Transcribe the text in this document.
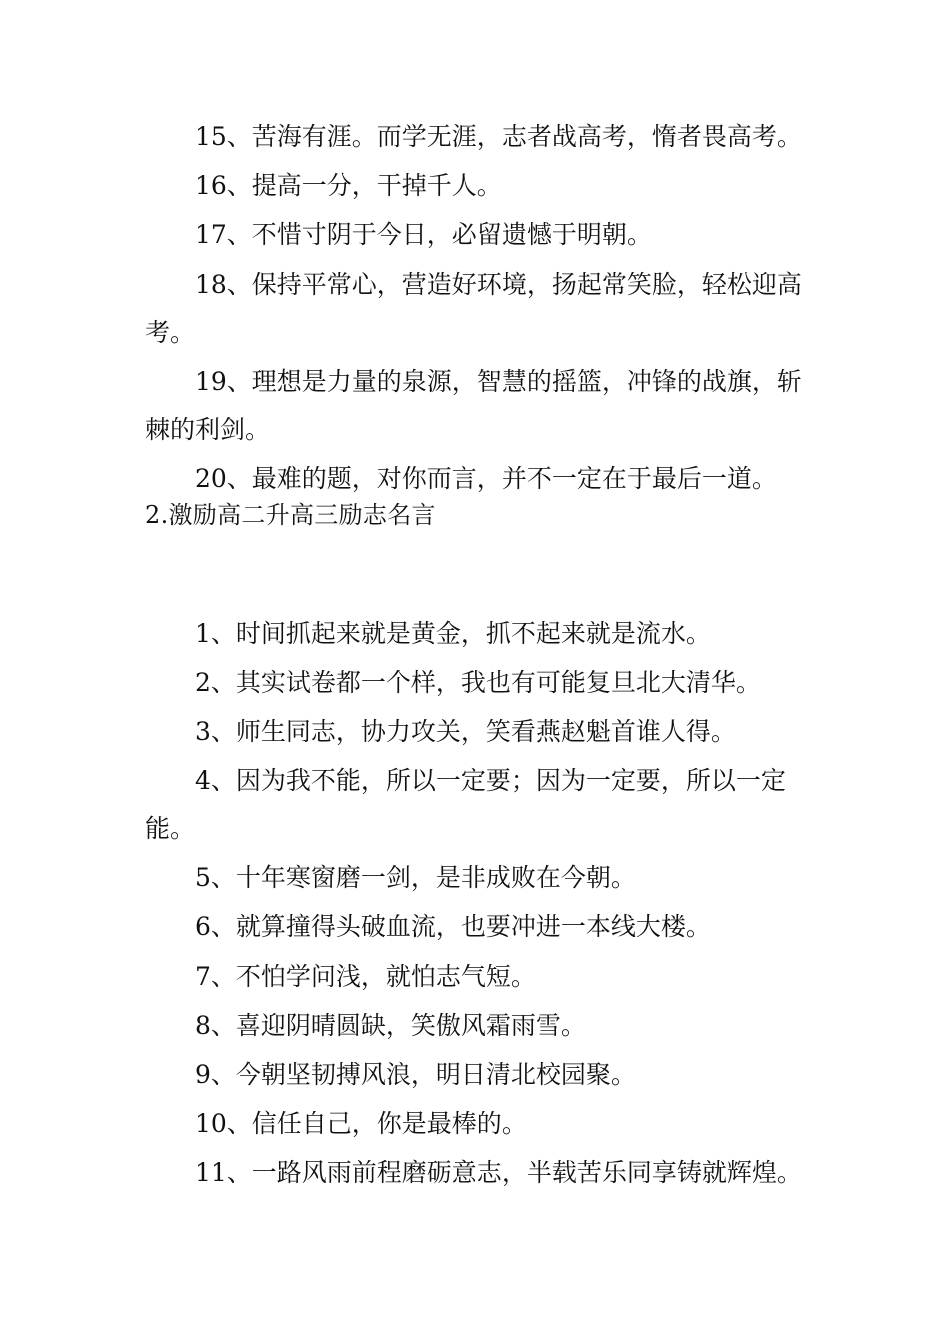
15、苦海有涯。而学无涯，志者战高考，惰者畏高考。

16、提高一分，干掉千人。

17、不惜寸阴于今日，必留遗憾于明朝。

18、保持平常心，营造好环境，扬起常笑脸，轻松迎高考。

19、理想是力量的泉源，智慧的摇篮，冲锋的战旗，斩棘的利剑。

20、最难的题，对你而言，并不一定在于最后一道。

2.激励高二升高三励志名言

1、时间抓起来就是黄金，抓不起来就是流水。

2、其实试卷都一个样，我也有可能复旦北大清华。

3、师生同志，协力攻关，笑看燕赵魁首谁人得。

4、因为我不能，所以一定要；因为一定要，所以一定能。

5、十年寒窗磨一剑，是非成败在今朝。

6、就算撞得头破血流，也要冲进一本线大楼。

7、不怕学问浅，就怕志气短。

8、喜迎阴晴圆缺，笑傲风霜雨雪。

9、今朝坚韧搏风浪，明日清北校园聚。

10、信任自己，你是最棒的。

11、一路风雨前程磨砺意志，半载苦乐同享铸就辉煌。
